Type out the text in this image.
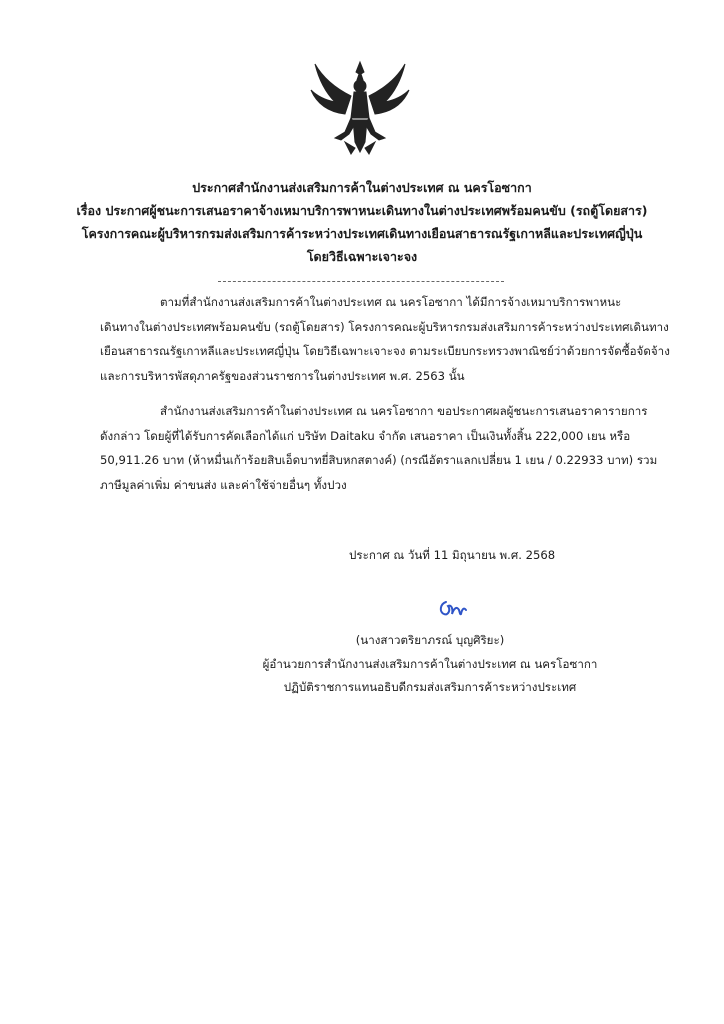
ประกาศสำนักงานส่งเสริมการค้าในต่างประเทศ ณ นครโอซากา
เรื่อง ประกาศผู้ชนะการเสนอราคาจ้างเหมาบริการพาหนะเดินทางในต่างประเทศพร้อมคนขับ (รถตู้โดยสาร)
โครงการคณะผู้บริหารกรมส่งเสริมการค้าระหว่างประเทศเดินทางเยือนสาธารณรัฐเกาหลีและประเทศญี่ปุ่น
โดยวิธีเฉพาะเจาะจง
ตามที่สำนักงานส่งเสริมการค้าในต่างประเทศ ณ นครโอซากา ได้มีการจ้างเหมาบริการพาหนะ
เดินทางในต่างประเทศพร้อมคนขับ (รถตู้โดยสาร) โครงการคณะผู้บริหารกรมส่งเสริมการค้าระหว่างประเทศเดินทาง
เยือนสาธารณรัฐเกาหลีและประเทศญี่ปุ่น โดยวิธีเฉพาะเจาะจง ตามระเบียบกระทรวงพาณิชย์ว่าด้วยการจัดซื้อจัดจ้าง
และการบริหารพัสดุภาครัฐของส่วนราชการในต่างประเทศ พ.ศ. 2563 นั้น
สำนักงานส่งเสริมการค้าในต่างประเทศ ณ นครโอซากา ขอประกาศผลผู้ชนะการเสนอราคารายการ
ดังกล่าว โดยผู้ที่ได้รับการคัดเลือกได้แก่ บริษัท Daitaku จำกัด เสนอราคา เป็นเงินทั้งสิ้น 222,000 เยน หรือ
50,911.26 บาท (ห้าหมื่นเก้าร้อยสิบเอ็ดบาทยี่สิบหกสตางค์) (กรณีอัตราแลกเปลี่ยน 1 เยน / 0.22933 บาท) รวม
ภาษีมูลค่าเพิ่ม ค่าขนส่ง และค่าใช้จ่ายอื่นๆ ทั้งปวง
ประกาศ ณ วันที่ 11 มิถุนายน พ.ศ. 2568
(นางสาวตริยาภรณ์ บุญศิริยะ)
ผู้อำนวยการสำนักงานส่งเสริมการค้าในต่างประเทศ ณ นครโอซากา
ปฏิบัติราชการแทนอธิบดีกรมส่งเสริมการค้าระหว่างประเทศ
